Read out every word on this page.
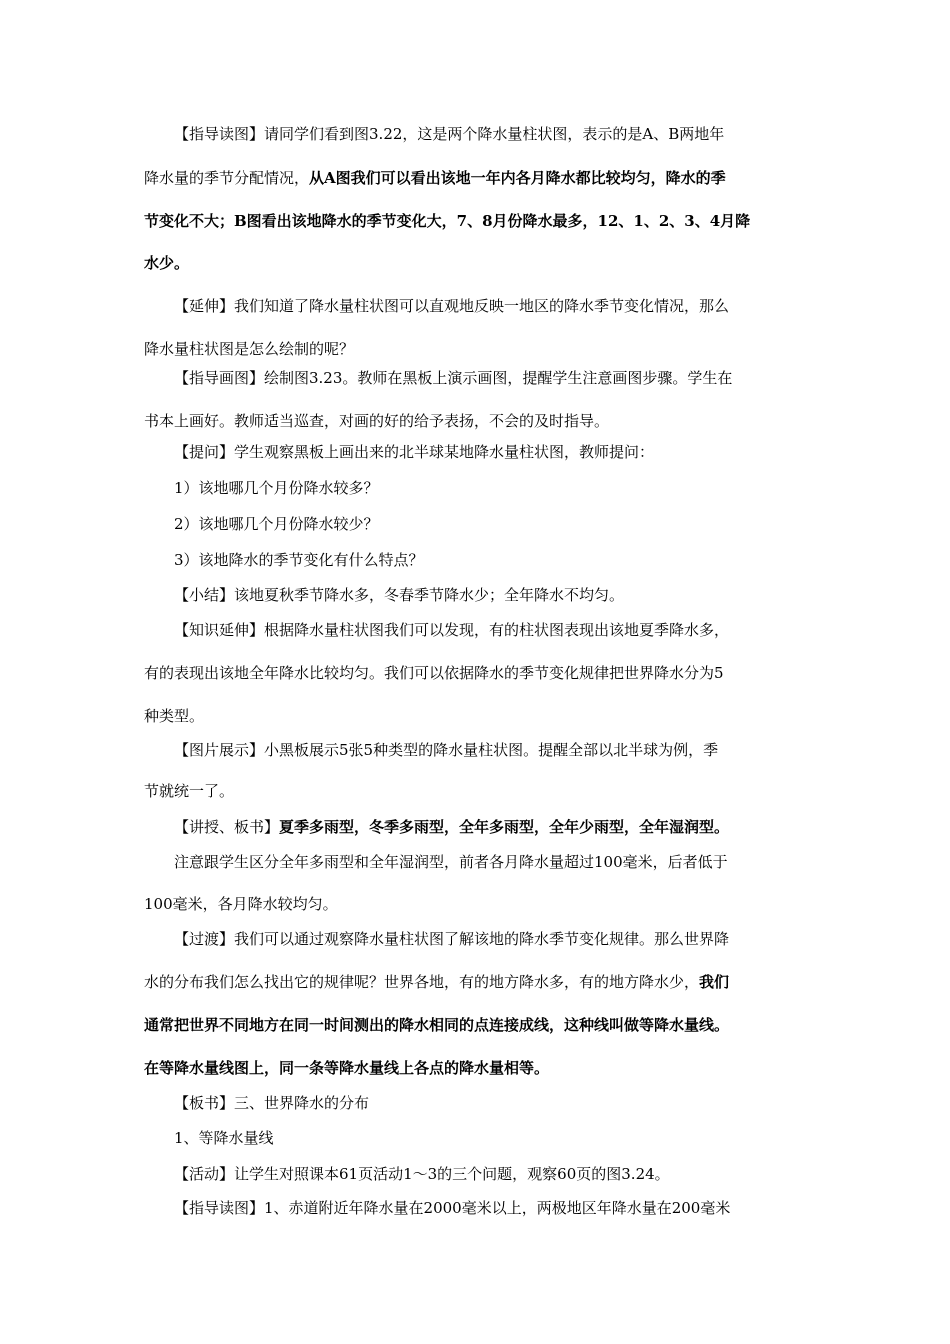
【指导读图】请同学们看到图3.22，这是两个降水量柱状图，表示的是A、B两地年
降水量的季节分配情况，从A图我们可以看出该地一年内各月降水都比较均匀，降水的季
节变化不大；B图看出该地降水的季节变化大，7、8月份降水最多，12、1、2、3、4月降
水少。
【延伸】我们知道了降水量柱状图可以直观地反映一地区的降水季节变化情况，那么
降水量柱状图是怎么绘制的呢？
【指导画图】绘制图3.23。教师在黑板上演示画图，提醒学生注意画图步骤。学生在
书本上画好。教师适当巡查，对画的好的给予表扬，不会的及时指导。
【提问】学生观察黑板上画出来的北半球某地降水量柱状图，教师提问：
1）该地哪几个月份降水较多？
2）该地哪几个月份降水较少？
3）该地降水的季节变化有什么特点？
【小结】该地夏秋季节降水多，冬春季节降水少；全年降水不均匀。
【知识延伸】根据降水量柱状图我们可以发现，有的柱状图表现出该地夏季降水多，
有的表现出该地全年降水比较均匀。我们可以依据降水的季节变化规律把世界降水分为5
种类型。
【图片展示】小黑板展示5张5种类型的降水量柱状图。提醒全部以北半球为例，季
节就统一了。
【讲授、板书】夏季多雨型，冬季多雨型，全年多雨型，全年少雨型，全年湿润型。
注意跟学生区分全年多雨型和全年湿润型，前者各月降水量超过100毫米，后者低于
100毫米，各月降水较均匀。
【过渡】我们可以通过观察降水量柱状图了解该地的降水季节变化规律。那么世界降
水的分布我们怎么找出它的规律呢？世界各地，有的地方降水多，有的地方降水少，我们
通常把世界不同地方在同一时间测出的降水相同的点连接成线，这种线叫做等降水量线。
在等降水量线图上，同一条等降水量线上各点的降水量相等。
【板书】三、世界降水的分布
1、等降水量线
【活动】让学生对照课本61页活动1～3的三个问题，观察60页的图3.24。
【指导读图】1、赤道附近年降水量在2000毫米以上，两极地区年降水量在200毫米
